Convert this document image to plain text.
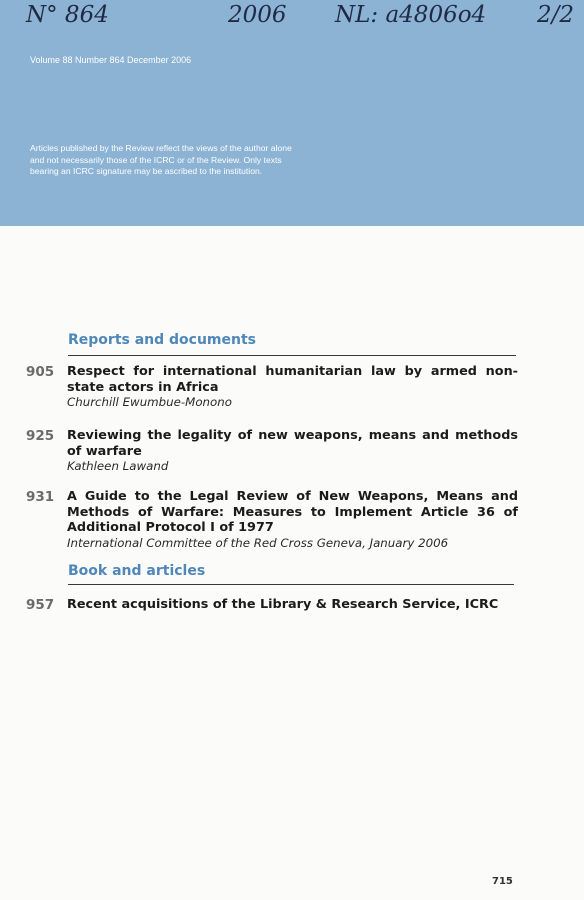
N° 864	2006 NL: a4806o4 2/2
Volume 88 Number 864 December 2006
Articles published by the Review reflect the views of the author alone and not necessarily those of the ICRC or of the Review. Only texts bearing an ICRC signature may be ascribed to the institution.
Reports and documents
905 Respect for international humanitarian law by armed non-state actors in Africa
Churchill Ewumbue-Monono
925 Reviewing the legality of new weapons, means and methods of warfare
Kathleen Lawand
931 A Guide to the Legal Review of New Weapons, Means and Methods of Warfare: Measures to Implement Article 36 of Additional Protocol I of 1977
International Committee of the Red Cross Geneva, January 2006
Book and articles
957 Recent acquisitions of the Library & Research Service, ICRC
715
